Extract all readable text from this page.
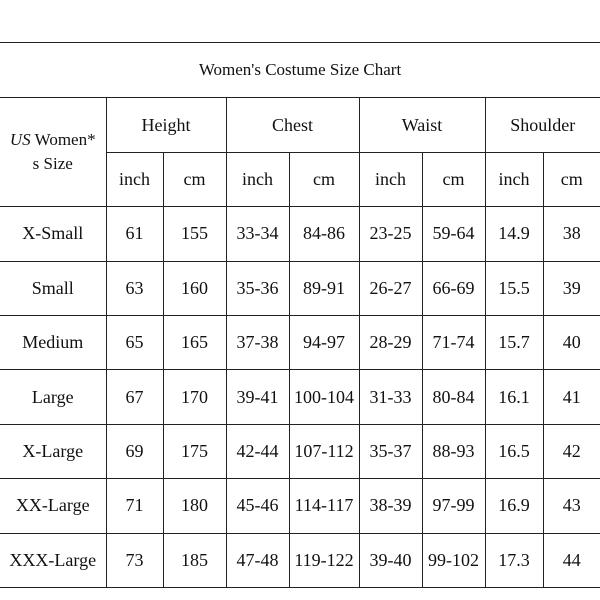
Women's Costume Size Chart								
US Women*
s Size	Height		Chest		Waist		Shoulder	
	inch	cm	inch	cm	inch	cm	inch	cm
X-Small	61	155	33-34	84-86	23-25	59-64	14.9	38
Small	63	160	35-36	89-91	26-27	66-69	15.5	39
Medium	65	165	37-38	94-97	28-29	71-74	15.7	40
Large	67	170	39-41	100-104	31-33	80-84	16.1	41
X-Large	69	175	42-44	107-112	35-37	88-93	16.5	42
XX-Large	71	180	45-46	114-117	38-39	97-99	16.9	43
XXX-Large	73	185	47-48	119-122	39-40	99-102	17.3	44
